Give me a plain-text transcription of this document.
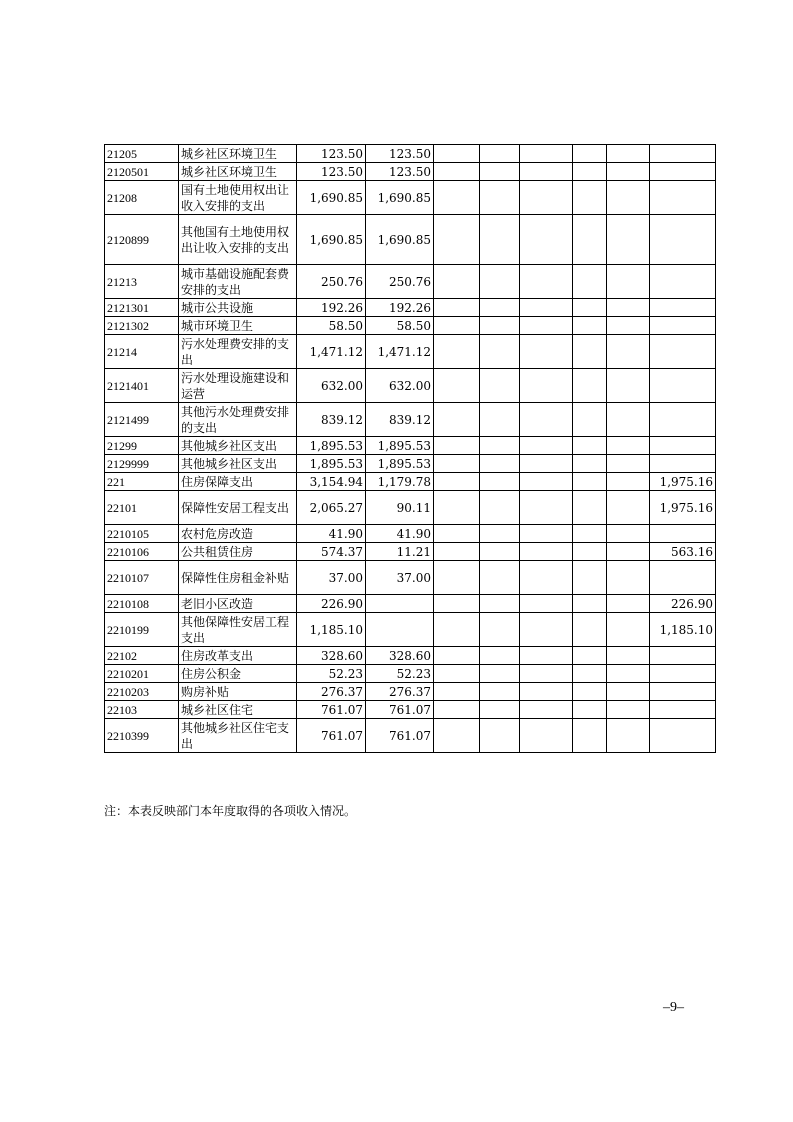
21205	城乡社区环境卫生	123.50	123.50						
2120501	城乡社区环境卫生	123.50	123.50						
21208	国有土地使用权出让收入安排的支出	1,690.85	1,690.85						
2120899	其他国有土地使用权出让收入安排的支出	1,690.85	1,690.85						
21213	城市基础设施配套费安排的支出	250.76	250.76						
2121301	城市公共设施	192.26	192.26						
2121302	城市环境卫生	58.50	58.50						
21214	污水处理费安排的支出	1,471.12	1,471.12						
2121401	污水处理设施建设和运营	632.00	632.00						
2121499	其他污水处理费安排的支出	839.12	839.12						
21299	其他城乡社区支出	1,895.53	1,895.53						
2129999	其他城乡社区支出	1,895.53	1,895.53						
221	住房保障支出	3,154.94	1,179.78						1,975.16
22101	保障性安居工程支出	2,065.27	90.11						1,975.16
2210105	农村危房改造	41.90	41.90						
2210106	公共租赁住房	574.37	11.21						563.16
2210107	保障性住房租金补贴	37.00	37.00						
2210108	老旧小区改造	226.90							226.90
2210199	其他保障性安居工程支出	1,185.10							1,185.10
22102	住房改革支出	328.60	328.60						
2210201	住房公积金	52.23	52.23						
2210203	购房补贴	276.37	276.37						
22103	城乡社区住宅	761.07	761.07						
2210399	其他城乡社区住宅支出	761.07	761.07						
注：本表反映部门本年度取得的各项收入情况。
–9–
